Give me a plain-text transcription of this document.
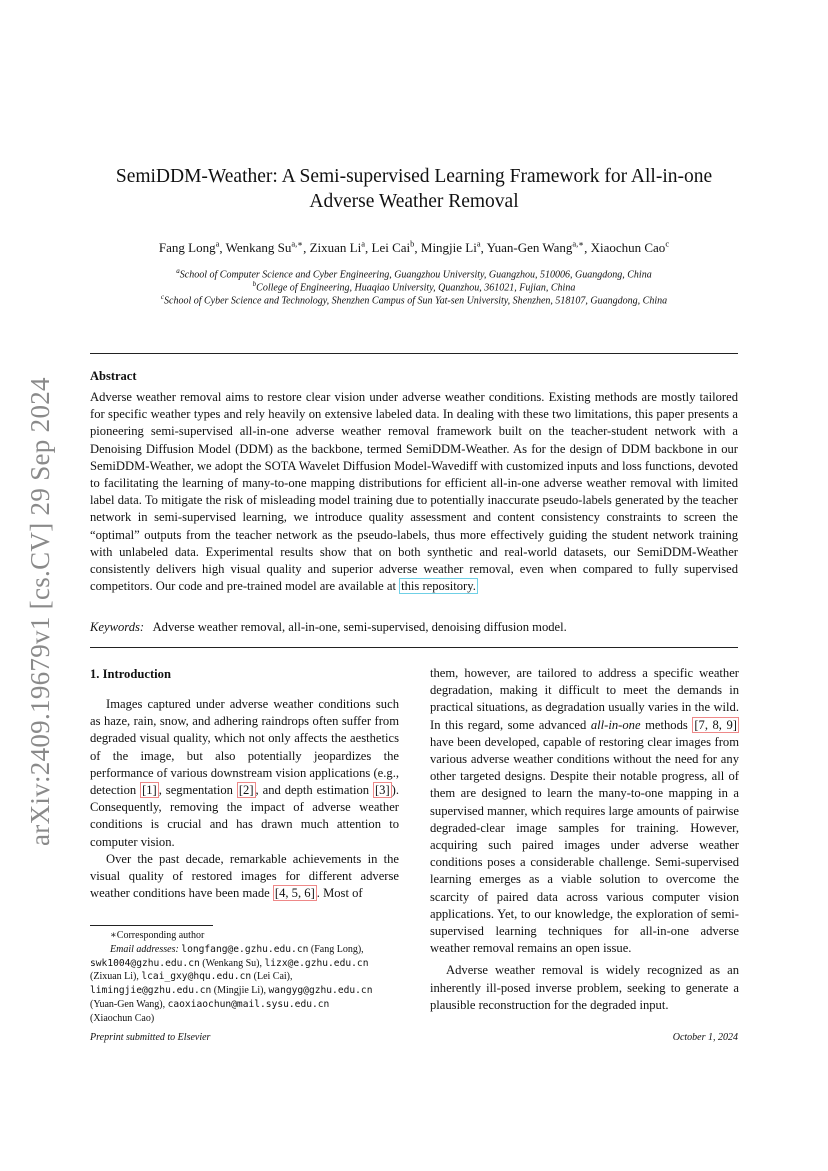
arXiv:2409.19679v1 [cs.CV] 29 Sep 2024
SemiDDM-Weather: A Semi-supervised Learning Framework for All-in-one
Adverse Weather Removal
Fang Long$^a$, Wenkang $Su^{a,∗}$, Zixuan Li$^a$, Lei Cai$^b$, Mingjie Li$^a$, Yuan-Gen Wang$^{a,∗}$, Xiaochun Cao$^c$
$^a$School of Computer Science and Cyber Engineering, Guangzhou University, Guangzhou, 510006, Guangdong, China
$^b$College of Engineering, Huaqiao University, Quanzhou, 361021, Fujian, China
$^c$School of Cyber Science and Technology, Shenzhen Campus of Sun Yat-sen University, Shenzhen, 518107, Guangdong, China
Abstract
Adverse weather removal aims to restore clear vision under adverse weather conditions. Existing methods are mostly tailored for specific weather types and rely heavily on extensive labeled data. In dealing with these two limitations, this paper presents a pioneering semi-supervised all-in-one adverse weather removal framework built on the teacher-student network with a Denoising Diffusion Model (DDM) as the backbone, termed SemiDDM-Weather. As for the design of DDM backbone in our SemiDDM-Weather, we adopt the SOTA Wavelet Diffusion Model-Wavediff with customized inputs and loss functions, devoted to facilitating the learning of many-to-one mapping distributions for efficient all-in-one adverse weather removal with limited label data. To mitigate the risk of misleading model training due to potentially inaccurate pseudo-labels generated by the teacher network in semi-supervised learning, we introduce quality assessment and content consistency constraints to screen the “optimal” outputs from the teacher network as the pseudo-labels, thus more effectively guiding the student network training with unlabeled data. Experimental results show that on both synthetic and real-world datasets, our SemiDDM-Weather consistently delivers high visual quality and superior adverse weather removal, even when compared to fully supervised competitors. Our code and pre-trained model are available at this repository.
Keywords: Adverse weather removal, all-in-one, semi-supervised, denoising diffusion model.
1. Introduction

Images captured under adverse weather conditions such as haze, rain, snow, and adhering raindrops often suffer from degraded visual quality, which not only affects the aesthetics of the image, but also potentially jeopardizes the performance of various downstream vision applications (e.g., detection [1] , segmentation [2] , and depth estimation [3] ). Consequently, removing the impact of adverse weather conditions is crucial and has drawn much attention to computer vision.

Over the past decade, remarkable achievements in the visual quality of restored images for different adverse weather conditions have been made [4, 5, 6] . Most of

them, however, are tailored to address a specific weather degradation, making it difficult to meet the demands in practical situations, as degradation usually varies in the wild. In this regard, some advanced all-in-one methods [7, 8, 9] have been developed, capable of restoring clear images from various adverse weather conditions without the need for any other targeted designs. Despite their notable progress, all of them are designed to learn the many-to-one mapping in a supervised manner, which requires large amounts of pairwise degraded-clear image samples for training. However, acquiring such paired images under adverse weather conditions poses a considerable challenge. Semi-supervised learning emerges as a viable solution to overcome the scarcity of paired data across various computer vision applications. Yet, to our knowledge, the exploration of semi-supervised learning techniques for all-in-one adverse weather removal remains an open issue.

Adverse weather removal is widely recognized as an inherently ill-posed inverse problem, seeking to generate a plausible reconstruction for the degraded input.

∗Corresponding author
Email addresses: longfang@e.gzhu.edu.cn (Fang Long),
swk1004@gzhu.edu.cn (Wenkang Su), lizx@e.gzhu.edu.cn
(Zixuan Li), lcai_gxy@hqu.edu.cn (Lei Cai),
limingjie@gzhu.edu.cn (Mingjie Li), wangyg@gzhu.edu.cn
(Yuan-Gen Wang), caoxiaochun@mail.sysu.edu.cn
(Xiaochun Cao)
Preprint submitted to Elsevier	October 1, 2024
